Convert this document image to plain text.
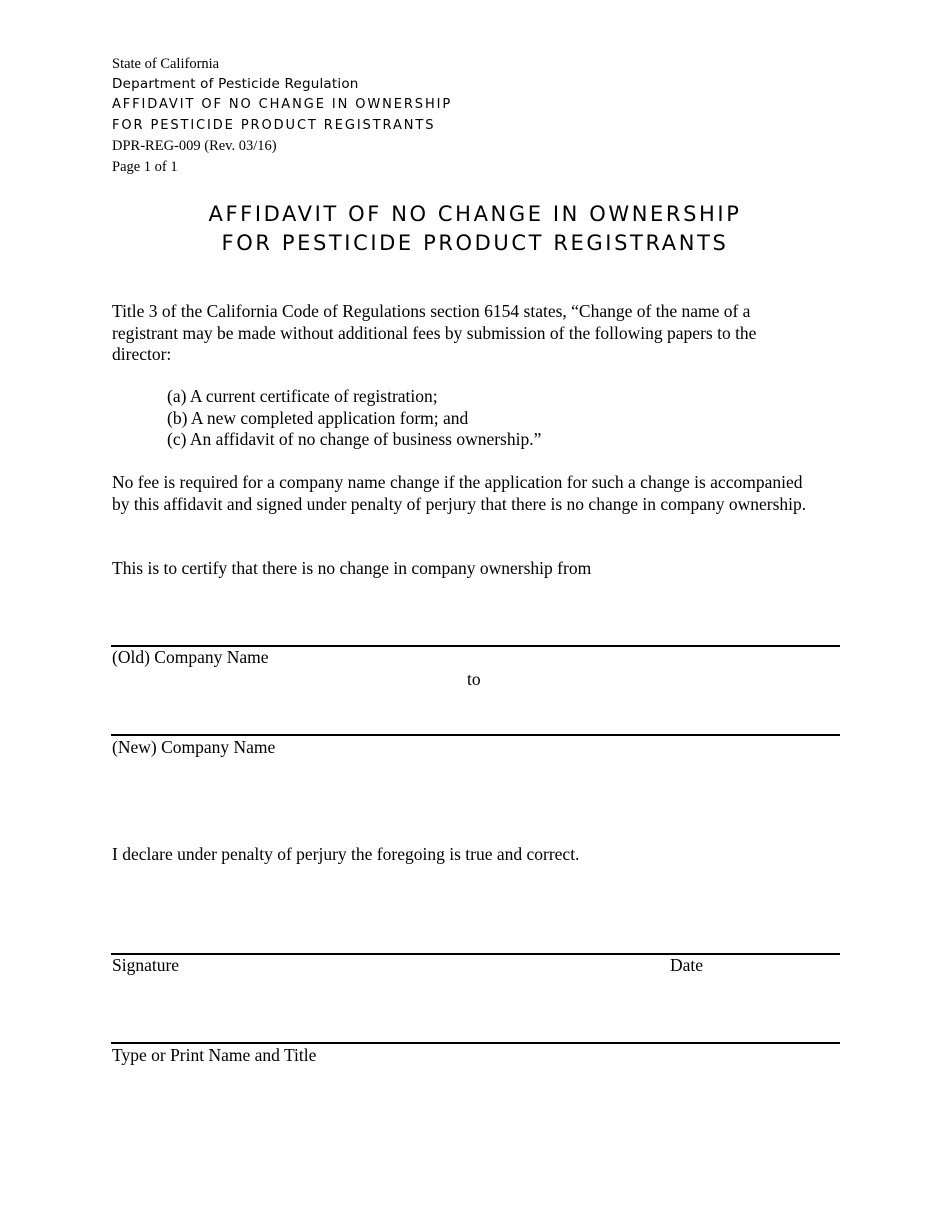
State of California
Department of Pesticide Regulation
AFFIDAVIT OF NO CHANGE IN OWNERSHIP
FOR PESTICIDE PRODUCT REGISTRANTS
DPR-REG-009 (Rev. 03/16)
Page 1 of 1
AFFIDAVIT OF NO CHANGE IN OWNERSHIP
FOR PESTICIDE PRODUCT REGISTRANTS
Title 3 of the California Code of Regulations section 6154 states, “Change of the name of a registrant may be made without additional fees by submission of the following papers to the director:
(a) A current certificate of registration;
(b) A new completed application form; and
(c) An affidavit of no change of business ownership.”
No fee is required for a company name change if the application for such a change is accompanied by this affidavit and signed under penalty of perjury that there is no change in company ownership.
This is to certify that there is no change in company ownership from
(Old) Company Name
to
(New) Company Name
I declare under penalty of perjury the foregoing is true and correct.
Signature	Date
Type or Print Name and Title
